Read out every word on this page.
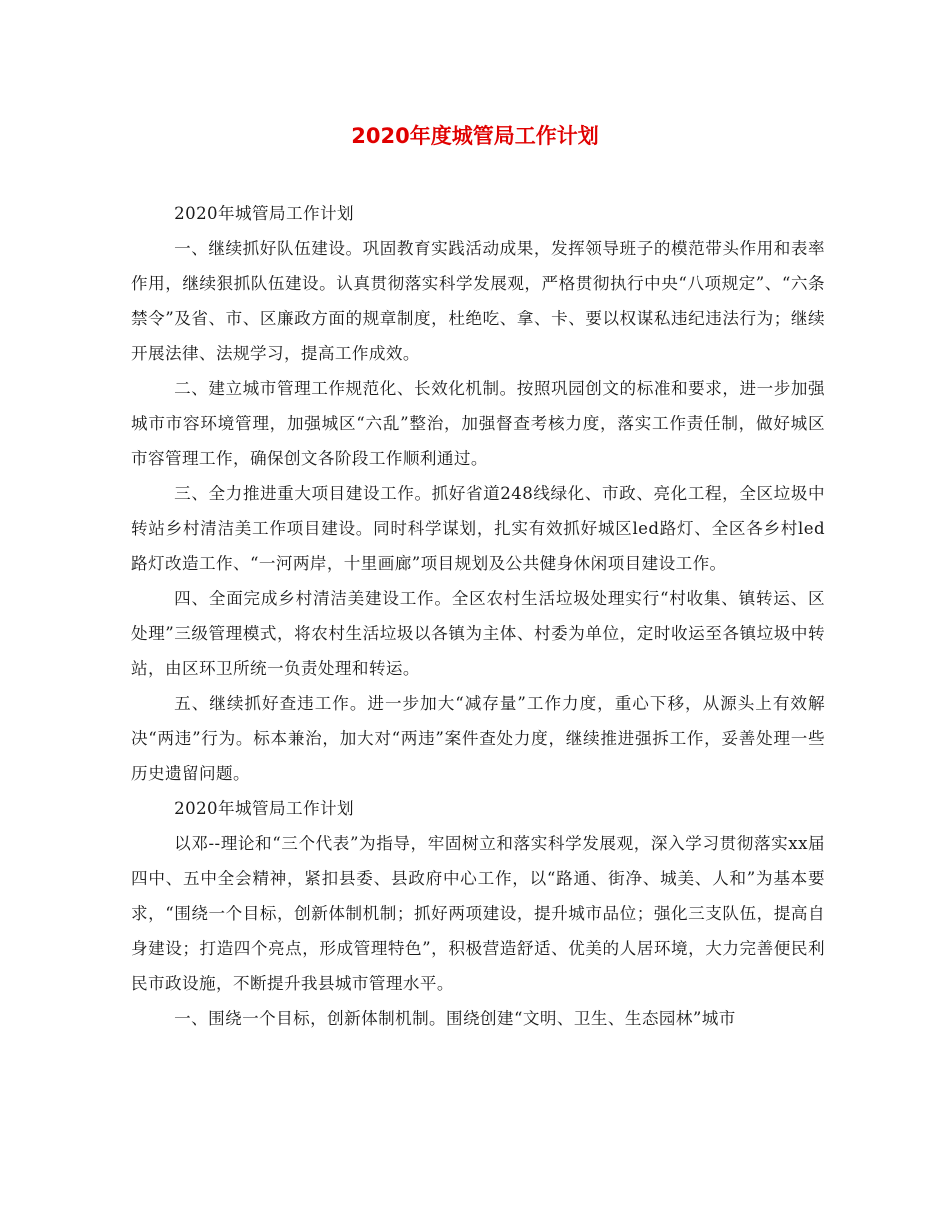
2020年度城管局工作计划

2020年城管局工作计划

一、继续抓好队伍建设。巩固教育实践活动成果，发挥领导班子的模范带头作用和表率作用，继续狠抓队伍建设。认真贯彻落实科学发展观，严格贯彻执行中央“八项规定”、“六条禁令”及省、市、区廉政方面的规章制度，杜绝吃、拿、卡、要以权谋私违纪违法行为；继续开展法律、法规学习，提高工作成效。

二、建立城市管理工作规范化、长效化机制。按照巩园创文的标准和要求，进一步加强城市市容环境管理，加强城区“六乱”整治，加强督查考核力度，落实工作责任制，做好城区市容管理工作，确保创文各阶段工作顺利通过。

三、全力推进重大项目建设工作。抓好省道248线绿化、市政、亮化工程，全区垃圾中转站乡村清洁美工作项目建设。同时科学谋划，扎实有效抓好城区led路灯、全区各乡村led路灯改造工作、“一河两岸，十里画廊”项目规划及公共健身休闲项目建设工作。

四、全面完成乡村清洁美建设工作。全区农村生活垃圾处理实行“村收集、镇转运、区处理”三级管理模式，将农村生活垃圾以各镇为主体、村委为单位，定时收运至各镇垃圾中转站，由区环卫所统一负责处理和转运。

五、继续抓好查违工作。进一步加大“减存量”工作力度，重心下移，从源头上有效解决“两违”行为。标本兼治，加大对“两违”案件查处力度，继续推进强拆工作，妥善处理一些历史遗留问题。

2020年城管局工作计划

以邓--理论和“三个代表”为指导，牢固树立和落实科学发展观，深入学习贯彻落实xx届四中、五中全会精神，紧扣县委、县政府中心工作，以“路通、街净、城美、人和”为基本要求，“围绕一个目标，创新体制机制；抓好两项建设，提升城市品位；强化三支队伍，提高自身建设；打造四个亮点，形成管理特色”，积极营造舒适、优美的人居环境，大力完善便民利民市政设施，不断提升我县城市管理水平。

一、围绕一个目标，创新体制机制。围绕创建“文明、卫生、生态园林”城市
